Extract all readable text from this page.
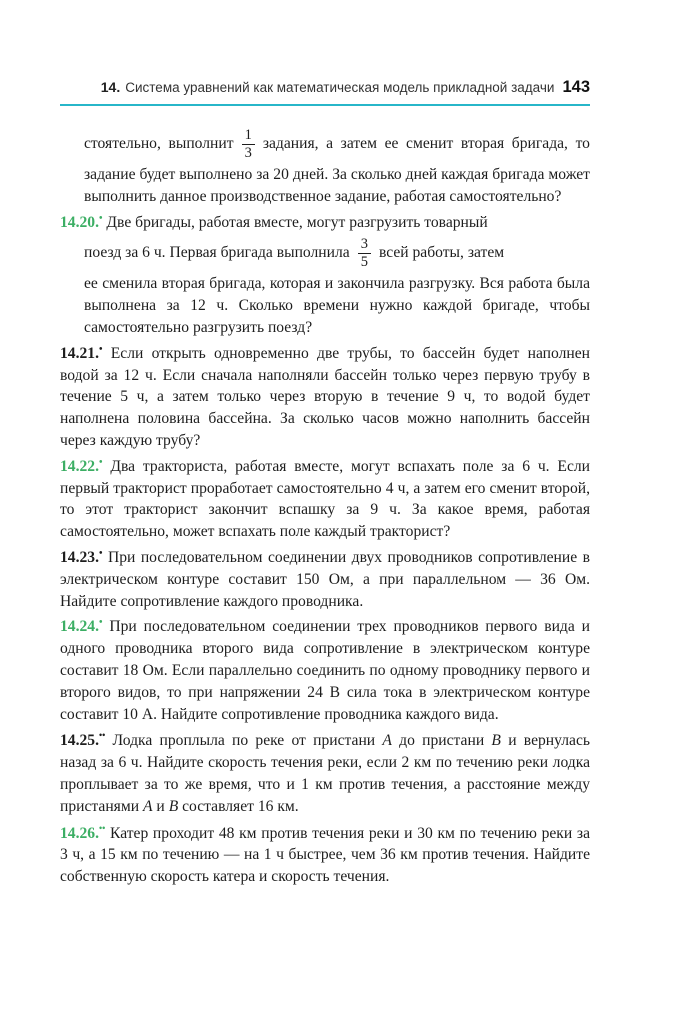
14. Система уравнений как математическая модель прикладной задачи 143

стоятельно, выполнит $\frac{1}{3}$ задания, а затем ее сменит вторая бригада, то задание будет выполнено за 20 дней. За сколько дней каждая бригада может выполнить данное производственное задание, работая самостоятельно?

14.20.• Две бригады, работая вместе, могут разгрузить товарный
поезд за 6 ч. Первая бригада выполнила $\frac{3}{5}$ всей работы, затем

ее сменила вторая бригада, которая и закончила разгрузку. Вся работа была выполнена за 12 ч. Сколько времени нужно каждой бригаде, чтобы самостоятельно разгрузить поезд?

14.21.• Если открыть одновременно две трубы, то бассейн будет наполнен водой за 12 ч. Если сначала наполняли бассейн только через первую трубу в течение 5 ч, а затем только через вторую в течение 9 ч, то водой будет наполнена половина бассейна. За сколько часов можно наполнить бассейн через каждую трубу?

14.22.• Два тракториста, работая вместе, могут вспахать поле за 6 ч. Если первый тракторист проработает самостоятельно 4 ч, а затем его сменит второй, то этот тракторист закончит вспашку за 9 ч. За какое время, работая самостоятельно, может вспахать поле каждый тракторист?

14.23.• При последовательном соединении двух проводников сопротивление в электрическом контуре составит 150 Ом, а при параллельном — 36 Ом. Найдите сопротивление каждого проводника.

14.24.• При последовательном соединении трех проводников первого вида и одного проводника второго вида сопротивление в электрическом контуре составит 18 Ом. Если параллельно соединить по одному проводнику первого и второго видов, то при напряжении 24 В сила тока в электрическом контуре составит 10 А. Найдите сопротивление проводника каждого вида.

14.25.•• Лодка проплыла по реке от пристани A до пристани B и вернулась назад за 6 ч. Найдите скорость течения реки, если 2 км по течению реки лодка проплывает за то же время, что и 1 км против течения, а расстояние между пристанями A и B составляет 16 км.

14.26.•• Катер проходит 48 км против течения реки и 30 км по течению реки за 3 ч, а 15 км по течению — на 1 ч быстрее, чем 36 км против течения. Найдите собственную скорость катера и скорость течения.
